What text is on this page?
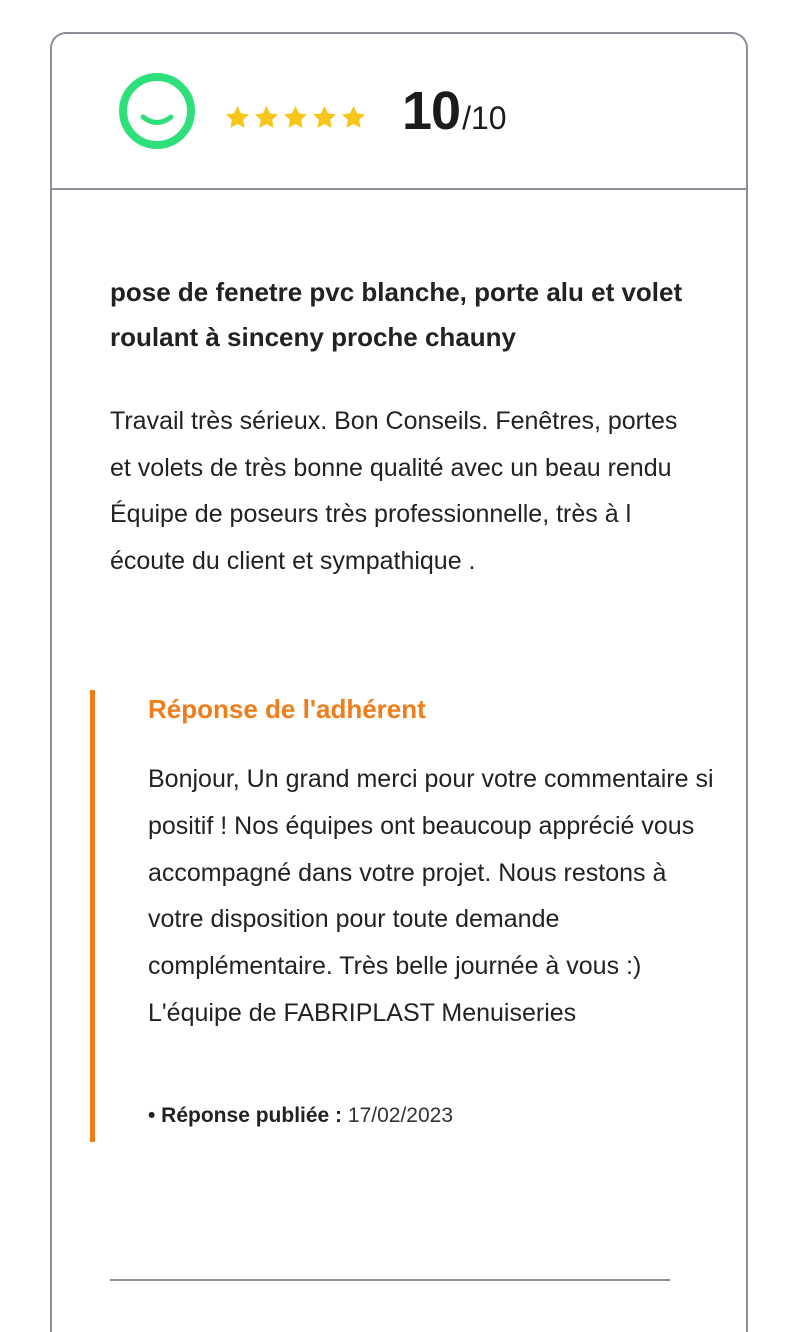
10 /10
pose de fenetre pvc blanche, porte alu et volet roulant à sinceny proche chauny

Travail très sérieux. Bon Conseils. Fenêtres, portes et volets de très bonne qualité avec un beau rendu Équipe de poseurs très professionnelle, très à l écoute du client et sympathique .

Réponse de l'adhérent

Bonjour, Un grand merci pour votre commentaire si positif ! Nos équipes ont beaucoup apprécié vous accompagné dans votre projet. Nous restons à votre disposition pour toute demande complémentaire. Très belle journée à vous :) L'équipe de FABRIPLAST Menuiseries

• Réponse publiée : 17/02/2023
